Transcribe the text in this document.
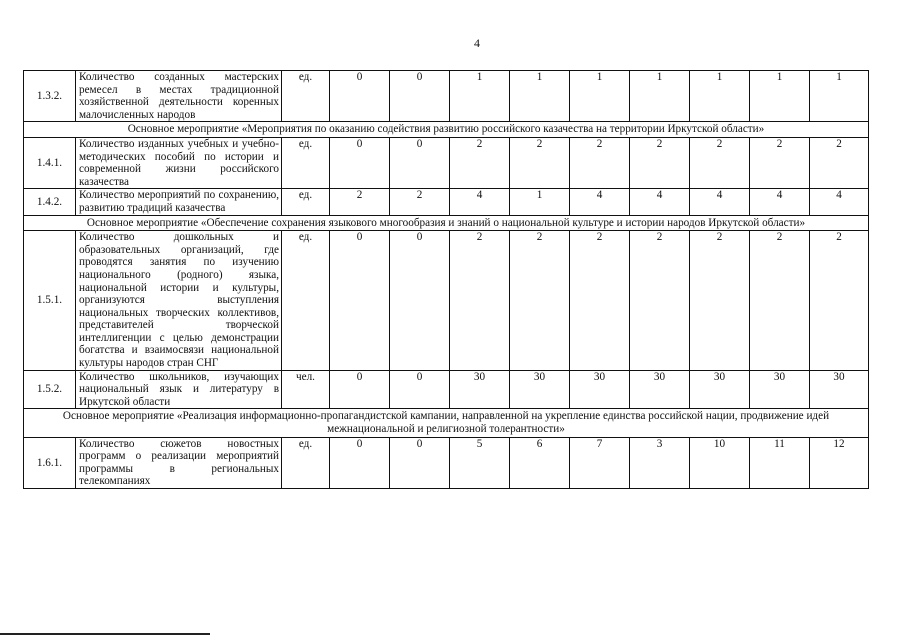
4
1.3.2.	Количество созданных мастерских ремесел в местах традиционной хозяйственной деятельности коренных малочисленных народов	ед.	0	0	1	1	1	1	1	1	1
Основное мероприятие «Мероприятия по оказанию содействия развитию российского казачества на территории Иркутской области»											
1.4.1.	Количество изданных учебных и учебно-методических пособий по истории и современной жизни российского казачества	ед.	0	0	2	2	2	2	2	2	2
1.4.2.	Количество мероприятий по сохранению, развитию традиций казачества	ед.	2	2	4	1	4	4	4	4	4
Основное мероприятие «Обеспечение сохранения языкового многообразия и знаний о национальной культуре и истории народов Иркутской области»											
1.5.1.	Количество дошкольных и образовательных организаций, где проводятся занятия по изучению национального (родного) языка, национальной истории и культуры, организуются выступления национальных творческих коллективов, представителей творческой интеллигенции с целью демонстрации богатства и взаимосвязи национальной культуры народов стран СНГ	ед.	0	0	2	2	2	2	2	2	2
1.5.2.	Количество школьников, изучающих национальный язык и литературу в Иркутской области	чел.	0	0	30	30	30	30	30	30	30
Основное мероприятие «Реализация информационно-пропагандистской кампании, направленной на укрепление единства российской нации, продвижение идей межнациональной и религиозной толерантности»											
1.6.1.	Количество сюжетов новостных программ о реализации мероприятий программы в региональных телекомпаниях	ед.	0	0	5	6	7	3	10	11	12
